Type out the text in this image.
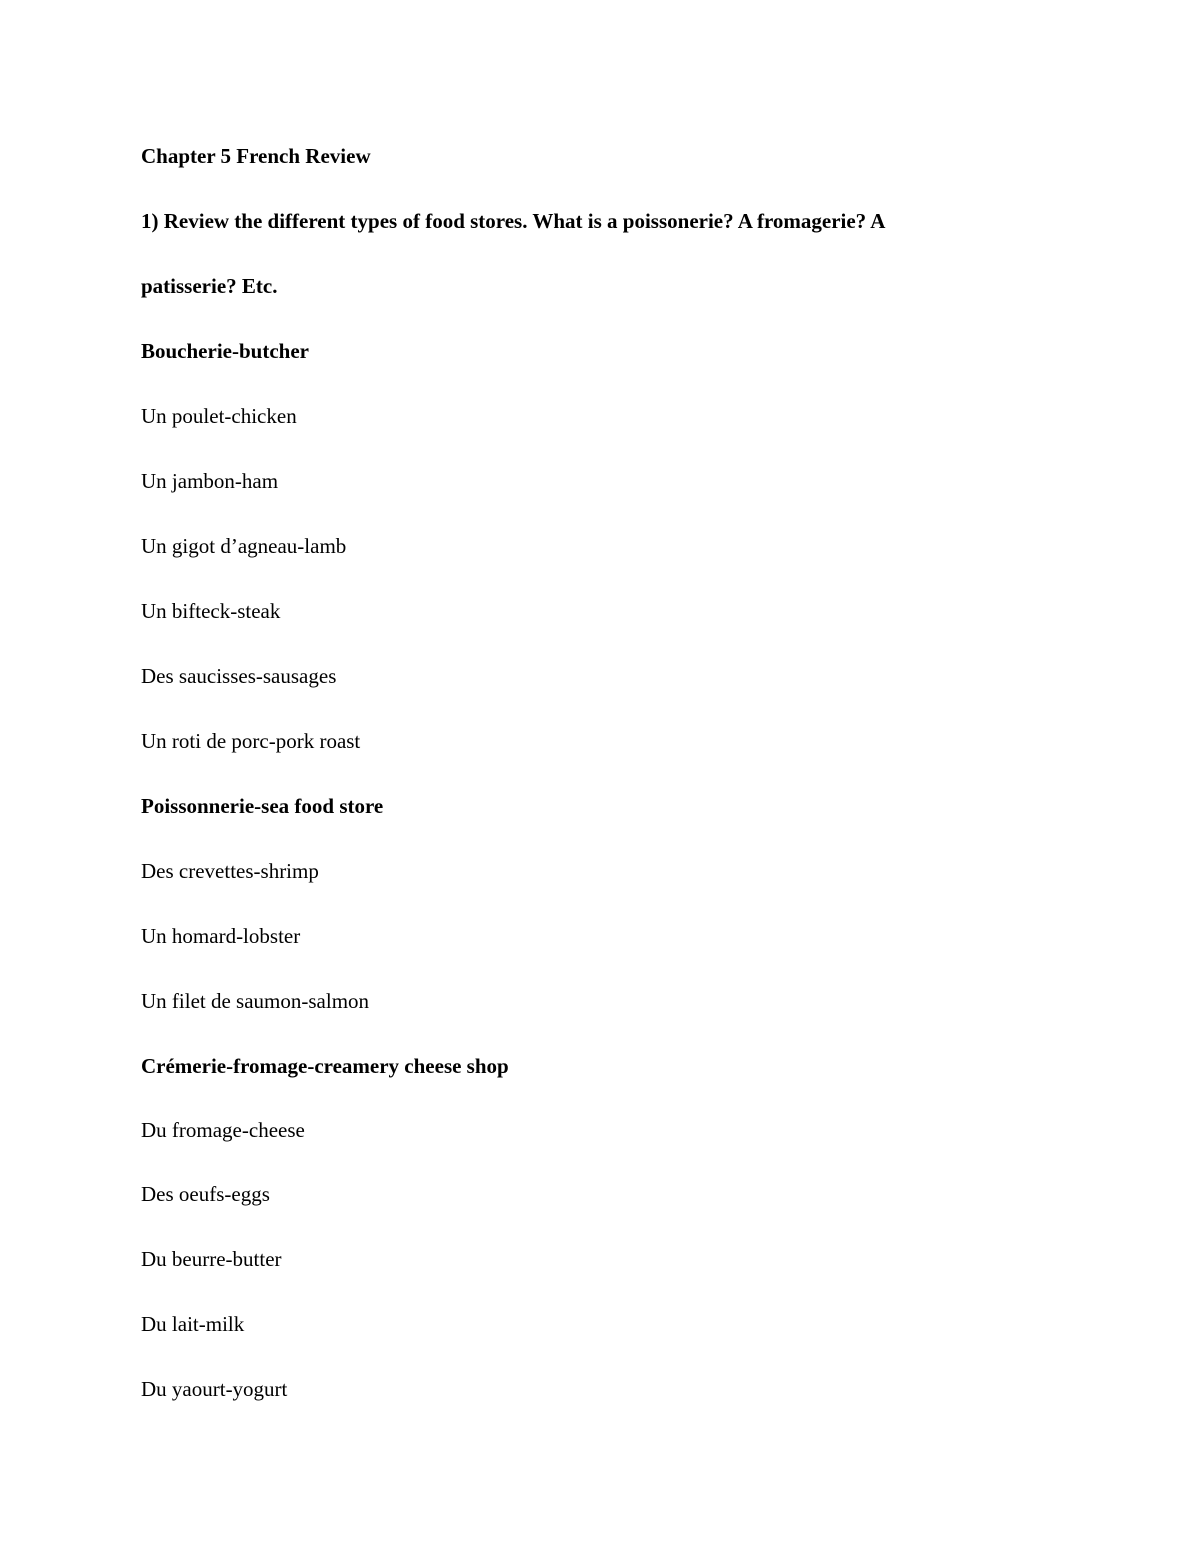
Chapter 5 French Review

1) Review the different types of food stores. What is a poissonerie? A fromagerie? A

patisserie? Etc.

Boucherie-butcher

Un poulet-chicken

Un jambon-ham

Un gigot d’agneau-lamb

Un bifteck-steak

Des saucisses-sausages

Un roti de porc-pork roast

Poissonnerie-sea food store

Des crevettes-shrimp

Un homard-lobster

Un filet de saumon-salmon

Crémerie-fromage-creamery cheese shop

Du fromage-cheese

Des oeufs-eggs

Du beurre-butter

Du lait-milk

Du yaourt-yogurt
